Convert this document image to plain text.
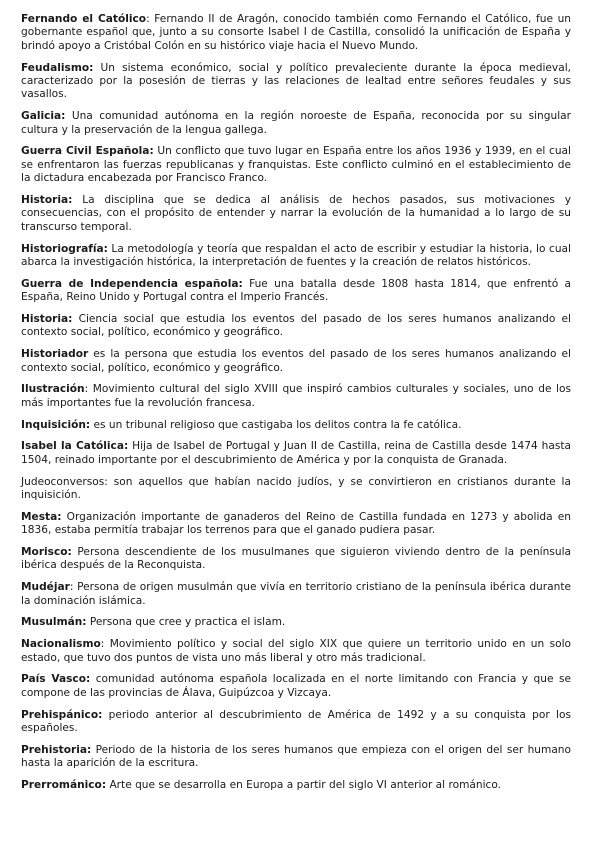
Fernando el Católico: Fernando II de Aragón, conocido también como Fernando el Católico, fue un gobernante español que, junto a su consorte Isabel I de Castilla, consolidó la unificación de España y brindó apoyo a Cristóbal Colón en su histórico viaje hacia el Nuevo Mundo.

Feudalismo: Un sistema económico, social y político prevaleciente durante la época medieval, caracterizado por la posesión de tierras y las relaciones de lealtad entre señores feudales y sus vasallos.

Galicia: Una comunidad autónoma en la región noroeste de España, reconocida por su singular cultura y la preservación de la lengua gallega.

Guerra Civil Española: Un conflicto que tuvo lugar en España entre los años 1936 y 1939, en el cual se enfrentaron las fuerzas republicanas y franquistas. Este conflicto culminó en el establecimiento de la dictadura encabezada por Francisco Franco.

Historia: La disciplina que se dedica al análisis de hechos pasados, sus motivaciones y consecuencias, con el propósito de entender y narrar la evolución de la humanidad a lo largo de su transcurso temporal.

Historiografía: La metodología y teoría que respaldan el acto de escribir y estudiar la historia, lo cual abarca la investigación histórica, la interpretación de fuentes y la creación de relatos históricos.

Guerra de Independencia española: Fue una batalla desde 1808 hasta 1814, que enfrentó a España, Reino Unido y Portugal contra el Imperio Francés.

Historia: Ciencia social que estudia los eventos del pasado de los seres humanos analizando el contexto social, político, económico y geográfico.

Historiador es la persona que estudia los eventos del pasado de los seres humanos analizando el contexto social, político, económico y geográfico.

Ilustración: Movimiento cultural del siglo XVIII que inspiró cambios culturales y sociales, uno de los más importantes fue la revolución francesa.

Inquisición: es un tribunal religioso que castigaba los delitos contra la fe católica.

Isabel la Católica: Hija de Isabel de Portugal y Juan II de Castilla, reina de Castilla desde 1474 hasta 1504, reinado importante por el descubrimiento de América y por la conquista de Granada.

Judeoconversos: son aquellos que habían nacido judíos, y se convirtieron en cristianos durante la inquisición.

Mesta: Organización importante de ganaderos del Reino de Castilla fundada en 1273 y abolida en 1836, estaba permitía trabajar los terrenos para que el ganado pudiera pasar.

Morisco: Persona descendiente de los musulmanes que siguieron viviendo dentro de la península ibérica después de la Reconquista.

Mudéjar: Persona de origen musulmán que vivía en territorio cristiano de la península ibérica durante la dominación islámica.

Musulmán: Persona que cree y practica el islam.

Nacionalismo: Movimiento político y social del siglo XIX que quiere un territorio unido en un solo estado, que tuvo dos puntos de vista uno más liberal y otro más tradicional.

País Vasco: comunidad autónoma española localizada en el norte limitando con Francia y que se compone de las provincias de Álava, Guipúzcoa y Vizcaya.

Prehispánico: periodo anterior al descubrimiento de América de 1492 y a su conquista por los españoles.

Prehistoria: Periodo de la historia de los seres humanos que empieza con el origen del ser humano hasta la aparición de la escritura.

Prerrománico: Arte que se desarrolla en Europa a partir del siglo VI anterior al románico.
